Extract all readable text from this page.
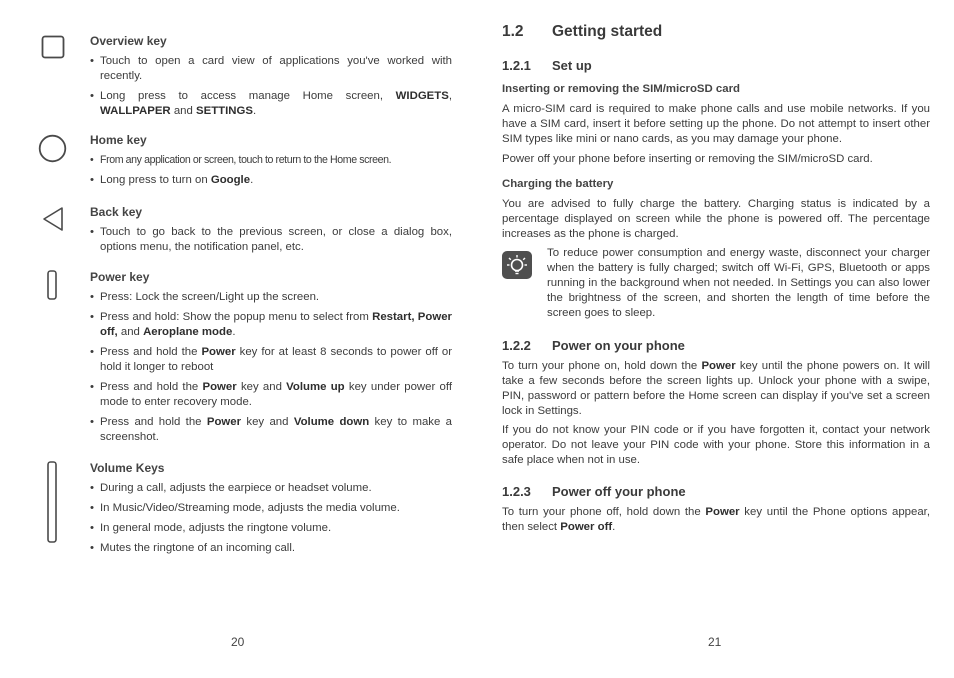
Overview key
• Touch to open a card view of applications you've worked with recently.
• Long press to access manage Home screen, WIDGETS, WALLPAPER and SETTINGS.
Home key
• From any application or screen, touch to return to the Home screen.
• Long press to turn on Google.
Back key
• Touch to go back to the previous screen, or close a dialog box, options menu, the notification panel, etc.
Power key
• Press: Lock the screen/Light up the screen.
• Press and hold: Show the popup menu to select from Restart, Power off, and Aeroplane mode.
• Press and hold the Power key for at least 8 seconds to power off or hold it longer to reboot
• Press and hold the Power key and Volume up key under power off mode to enter recovery mode.
• Press and hold the Power key and Volume down key to make a screenshot.
Volume Keys
• During a call, adjusts the earpiece or headset volume.
• In Music/Video/Streaming mode, adjusts the media volume.
• In general mode, adjusts the ringtone volume.
• Mutes the ringtone of an incoming call.
20
1.2 Getting started
1.2.1 Set up
Inserting or removing the SIM/microSD card

A micro-SIM card is required to make phone calls and use mobile networks. If you have a SIM card, insert it before setting up the phone. Do not attempt to insert other SIM types like mini or nano cards, as you may damage your phone.

Power off your phone before inserting or removing the SIM/microSD card.

Charging the battery

You are advised to fully charge the battery. Charging status is indicated by a percentage displayed on screen while the phone is powered off. The percentage increases as the phone is charged.

To reduce power consumption and energy waste, disconnect your charger when the battery is fully charged; switch off Wi-Fi, GPS, Bluetooth or apps running in the background when not needed. In Settings you can also lower the brightness of the screen, and shorten the length of time before the screen goes to sleep.

1.2.2 Power on your phone

To turn your phone on, hold down the Power key until the phone powers on. It will take a few seconds before the screen lights up. Unlock your phone with a swipe, PIN, password or pattern before the Home screen can display if you've set a screen lock in Settings.

If you do not know your PIN code or if you have forgotten it, contact your network operator. Do not leave your PIN code with your phone. Store this information in a safe place when not in use.

1.2.3 Power off your phone

To turn your phone off, hold down the Power key until the Phone options appear, then select Power off.

21
